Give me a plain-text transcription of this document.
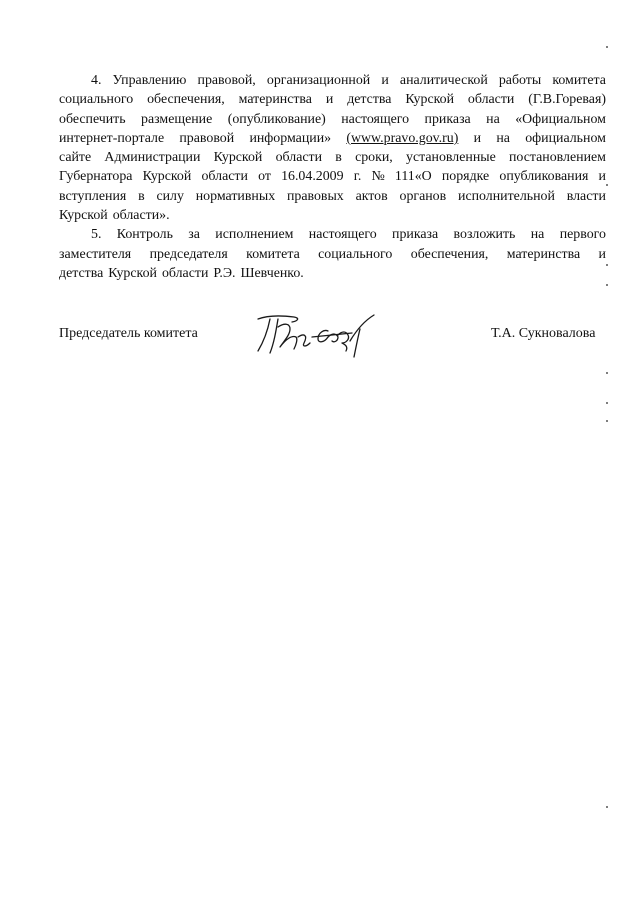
4. Управлению правовой, организационной и аналитической работы комитета
социального обеспечения, материнства и детства Курской области (Г.В.Горевая)
обеспечить размещение (опубликование) настоящего приказа на «Официальном
интернет-портале правовой информации» (www.pravo.gov.ru) и на официальном
сайте Администрации Курской области в сроки, установленные постановлением
Губернатора Курской области от 16.04.2009 г. № 111«О порядке опубликования и
вступления в силу нормативных правовых актов органов исполнительной власти
Курской области».
5. Контроль за исполнением настоящего приказа возложить на первого
заместителя председателя комитета социального обеспечения, материнства и
детства Курской области Р.Э. Шевченко.
Председатель комитета	Т.А. Сукновалова
